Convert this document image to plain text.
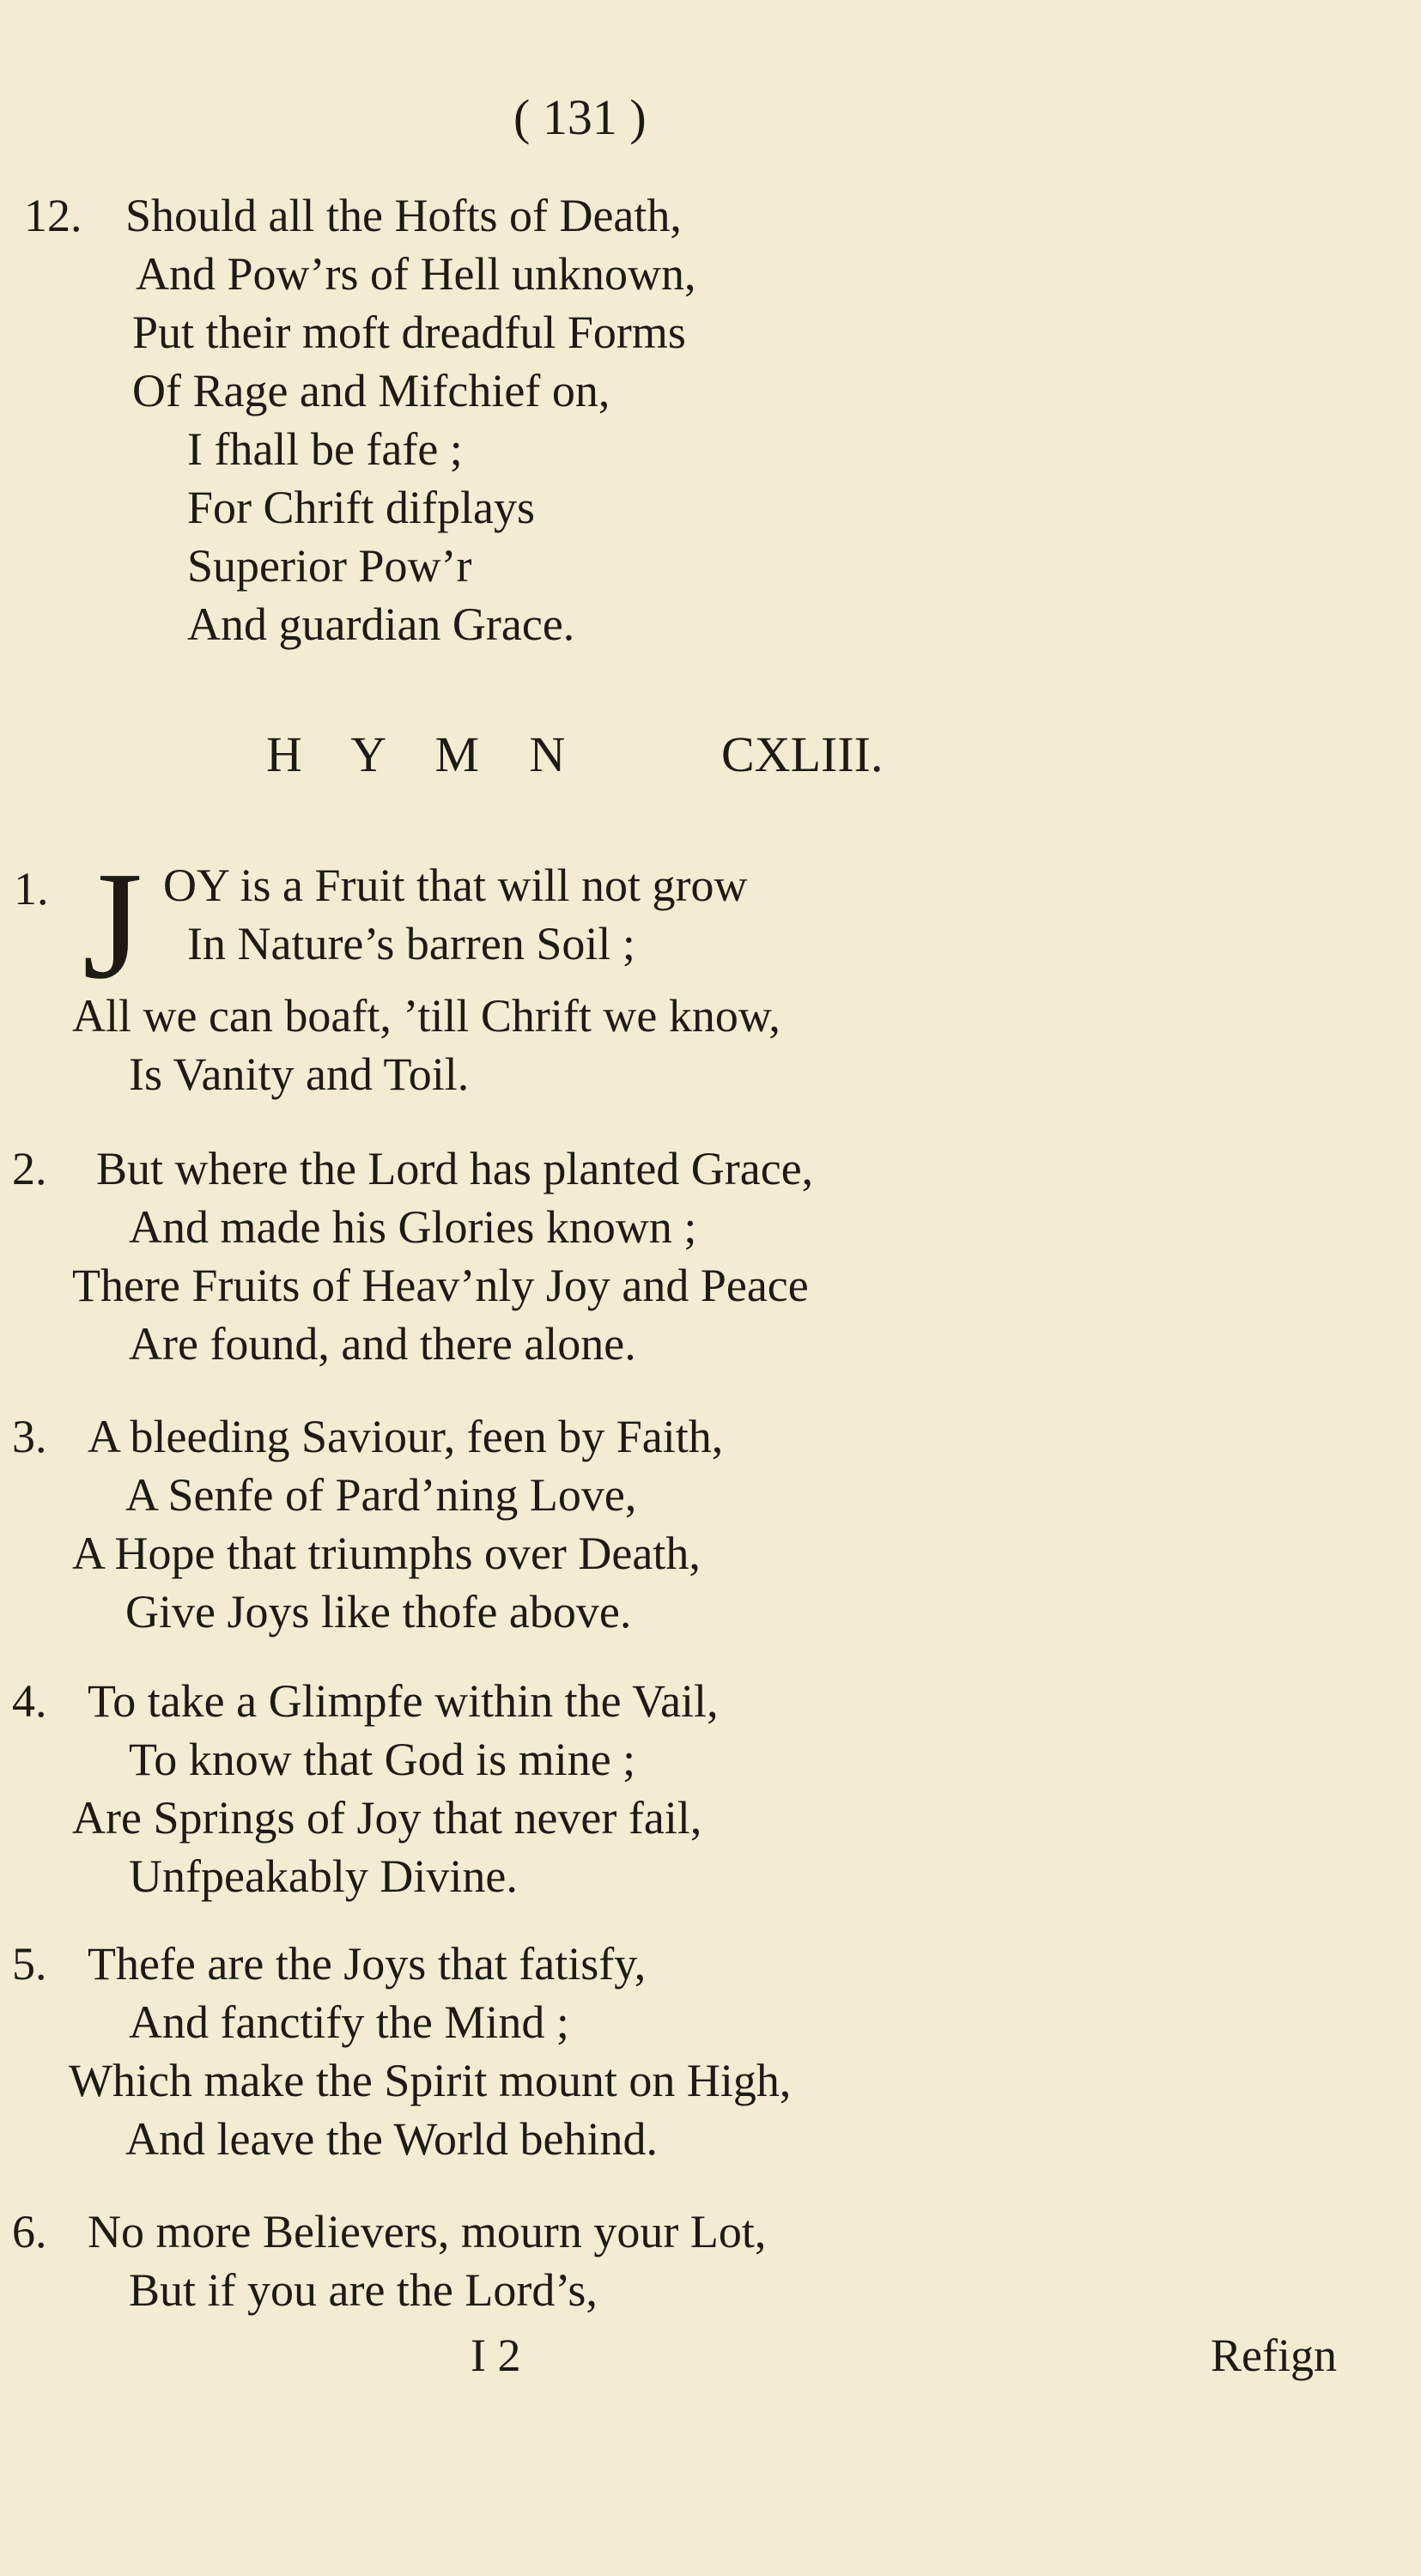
( 131 )
12. Should all the Hofts of Death,
And Pow’rs of Hell unknown,
Put their moft dreadful Forms
Of Rage and Mifchief on,
I fhall be fafe ;
For Chrift difplays
Superior Pow’r
And guardian Grace.
H Y M N	CXLIII.
1. J OY is a Fruit that will not grow
In Nature’s barren Soil ;
All we can boaft, ’till Chrift we know,
Is Vanity and Toil.
2. But where the Lord has planted Grace,
And made his Glories known ;
There Fruits of Heav’nly Joy and Peace
Are found, and there alone.
3. A bleeding Saviour, feen by Faith,
A Senfe of Pard’ning Love,
A Hope that triumphs over Death,
Give Joys like thofe above.
4. To take a Glimpfe within the Vail,
To know that God is mine ;
Are Springs of Joy that never fail,
Unfpeakably Divine.
5. Thefe are the Joys that fatisfy,
And fanctify the Mind ;
Which make the Spirit mount on High,
And leave the World behind.
6. No more Believers, mourn your Lot,
But if you are the Lord’s,
I 2	Refign
